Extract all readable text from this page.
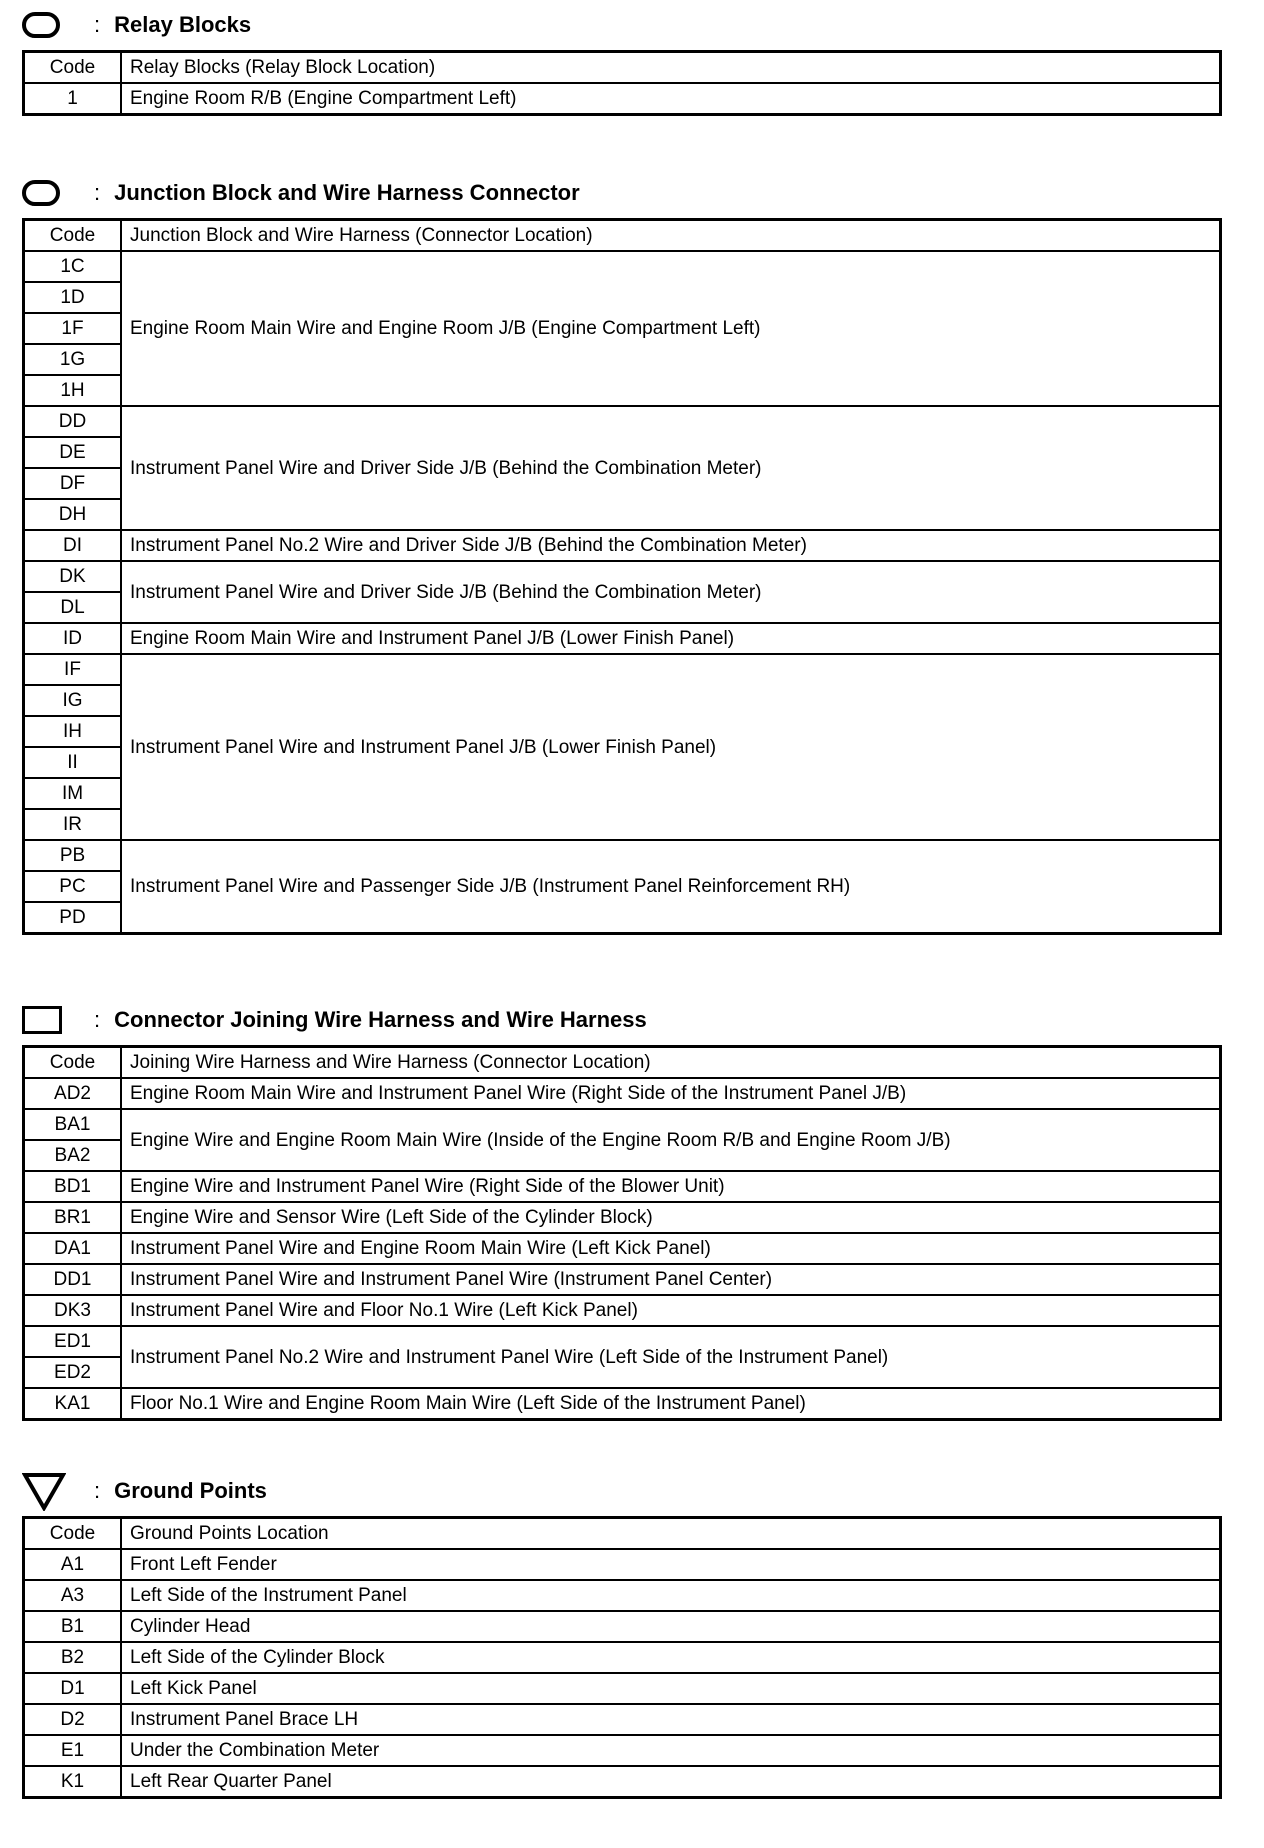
: Relay Blocks
Code	Relay Blocks (Relay Block Location)
1	Engine Room R/B (Engine Compartment Left)
: Junction Block and Wire Harness Connector
Code	Junction Block and Wire Harness (Connector Location)
1C	Engine Room Main Wire and Engine Room J/B (Engine Compartment Left)
1D	
1F	
1G	
1H	
DD	Instrument Panel Wire and Driver Side J/B (Behind the Combination Meter)
DE	
DF	
DH	
DI	Instrument Panel No.2 Wire and Driver Side J/B (Behind the Combination Meter)
DK	Instrument Panel Wire and Driver Side J/B (Behind the Combination Meter)
DL	
ID	Engine Room Main Wire and Instrument Panel J/B (Lower Finish Panel)
IF	Instrument Panel Wire and Instrument Panel J/B (Lower Finish Panel)
IG	
IH	
II	
IM	
IR	
PB	Instrument Panel Wire and Passenger Side J/B (Instrument Panel Reinforcement RH)
PC	
PD	
: Connector Joining Wire Harness and Wire Harness
Code	Joining Wire Harness and Wire Harness (Connector Location)
AD2	Engine Room Main Wire and Instrument Panel Wire (Right Side of the Instrument Panel J/B)
BA1	Engine Wire and Engine Room Main Wire (Inside of the Engine Room R/B and Engine Room J/B)
BA2	
BD1	Engine Wire and Instrument Panel Wire (Right Side of the Blower Unit)
BR1	Engine Wire and Sensor Wire (Left Side of the Cylinder Block)
DA1	Instrument Panel Wire and Engine Room Main Wire (Left Kick Panel)
DD1	Instrument Panel Wire and Instrument Panel Wire (Instrument Panel Center)
DK3	Instrument Panel Wire and Floor No.1 Wire (Left Kick Panel)
ED1	Instrument Panel No.2 Wire and Instrument Panel Wire (Left Side of the Instrument Panel)
ED2	
KA1	Floor No.1 Wire and Engine Room Main Wire (Left Side of the Instrument Panel)
: Ground Points
Code	Ground Points Location
A1	Front Left Fender
A3	Left Side of the Instrument Panel
B1	Cylinder Head
B2	Left Side of the Cylinder Block
D1	Left Kick Panel
D2	Instrument Panel Brace LH
E1	Under the Combination Meter
K1	Left Rear Quarter Panel
